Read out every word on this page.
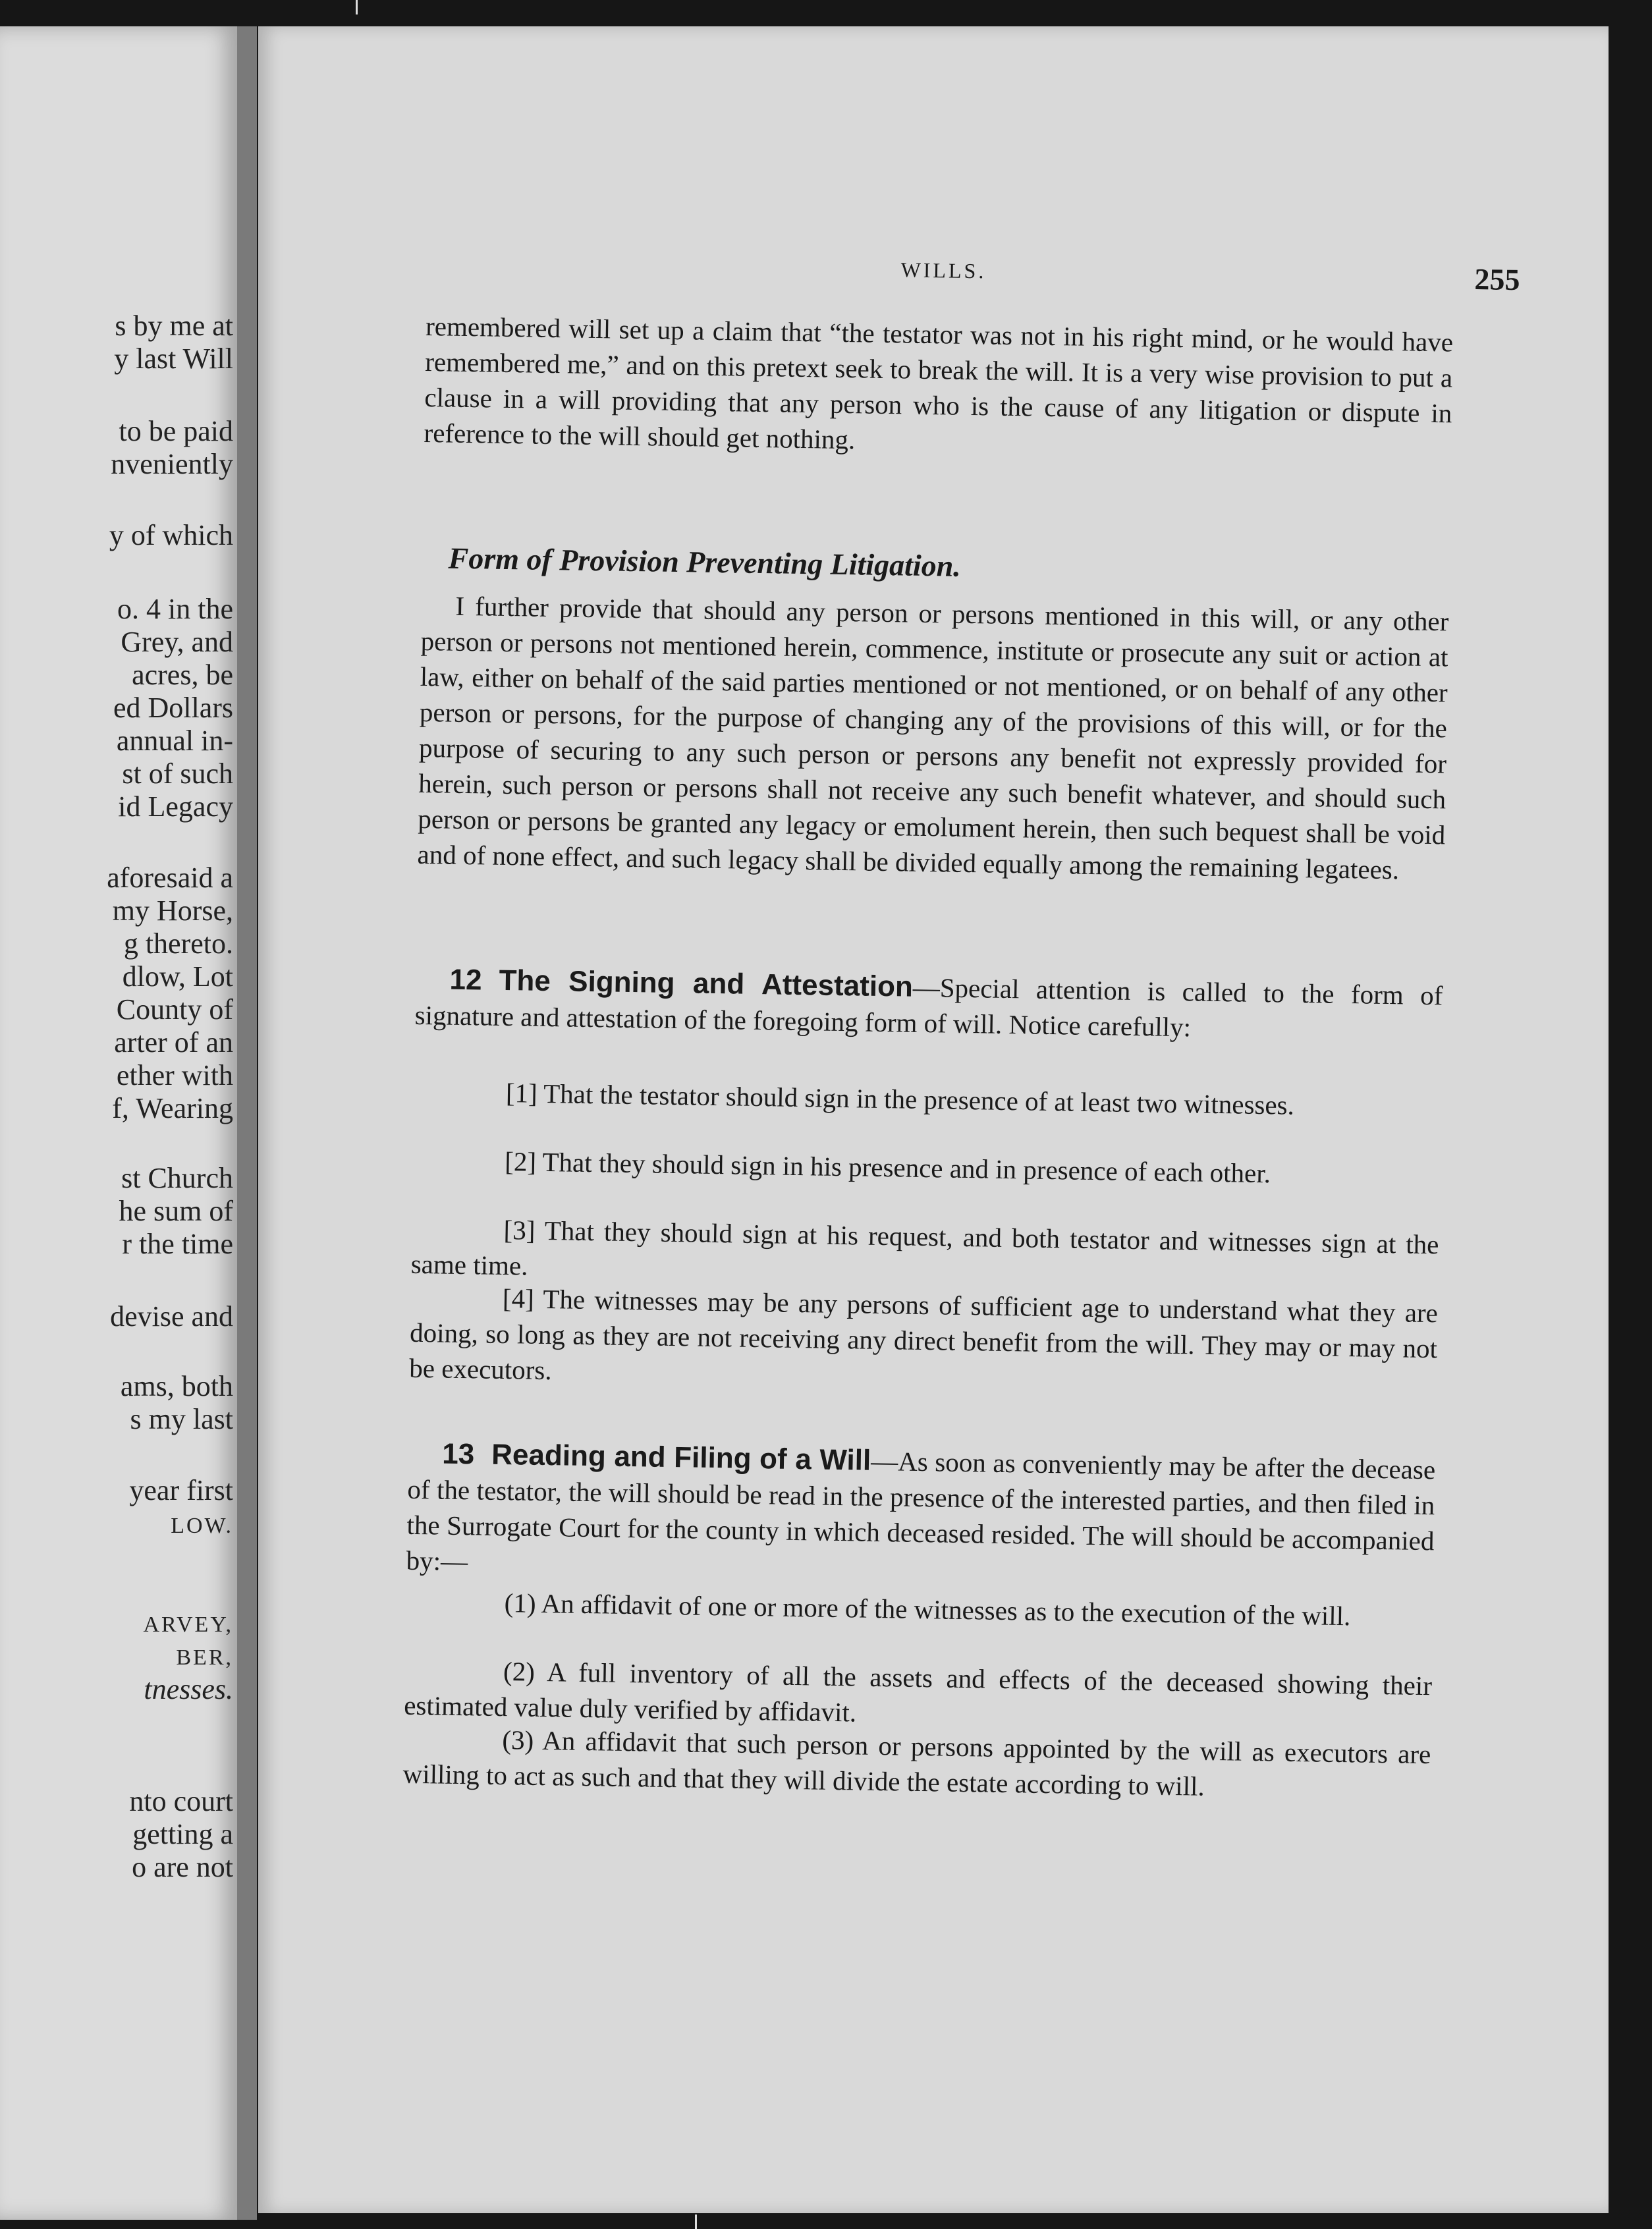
s by me at
y last Will
to be paid
nveniently
y of which
o. 4 in the
Grey, and
acres, be
ed Dollars
annual in-
st of such
id Legacy
aforesaid a
my Horse,
g thereto.
dlow, Lot
County of
arter of an
ether with
f, Wearing
st Church
he sum of
r the time
devise and
ams, both
s my last
year first
LOW.
ARVEY,
BER,
tnesses.
nto court
getting a
o are not
WILLS.	255
remembered will set up a claim that “the testator was not in his right mind, or he would have remembered me,” and on this pretext seek to break the will. It is a very wise provision to put a clause in a will providing that any person who is the cause of any litigation or dispute in reference to the will should get nothing.
Form of Provision Preventing Litigation.
I further provide that should any person or persons mentioned in this will, or any other person or persons not mentioned herein, commence, institute or prosecute any suit or action at law, either on behalf of the said parties mentioned or not mentioned, or on behalf of any other person or persons, for the purpose of changing any of the provisions of this will, or for the purpose of securing to any such person or persons any benefit not expressly provided for herein, such person or persons shall not receive any such benefit whatever, and should such person or persons be granted any legacy or emolument herein, then such bequest shall be void and of none effect, and such legacy shall be divided equally among the remaining legatees.
12 The Signing and Attestation—Special attention is called to the form of signature and attestation of the foregoing form of will. Notice carefully:
[1] That the testator should sign in the presence of at least two witnesses.
[2] That they should sign in his presence and in presence of each other.
[3] That they should sign at his request, and both testator and witnesses sign at the same time.
[4] The witnesses may be any persons of sufficient age to understand what they are doing, so long as they are not receiving any direct benefit from the will. They may or may not be executors.
13 Reading and Filing of a Will—As soon as conveniently may be after the decease of the testator, the will should be read in the presence of the interested parties, and then filed in the Surrogate Court for the county in which deceased resided. The will should be accompanied by:—
(1) An affidavit of one or more of the witnesses as to the execution of the will.
(2) A full inventory of all the assets and effects of the deceased showing their estimated value duly verified by affidavit.
(3) An affidavit that such person or persons appointed by the will as executors are willing to act as such and that they will divide the estate according to will.
